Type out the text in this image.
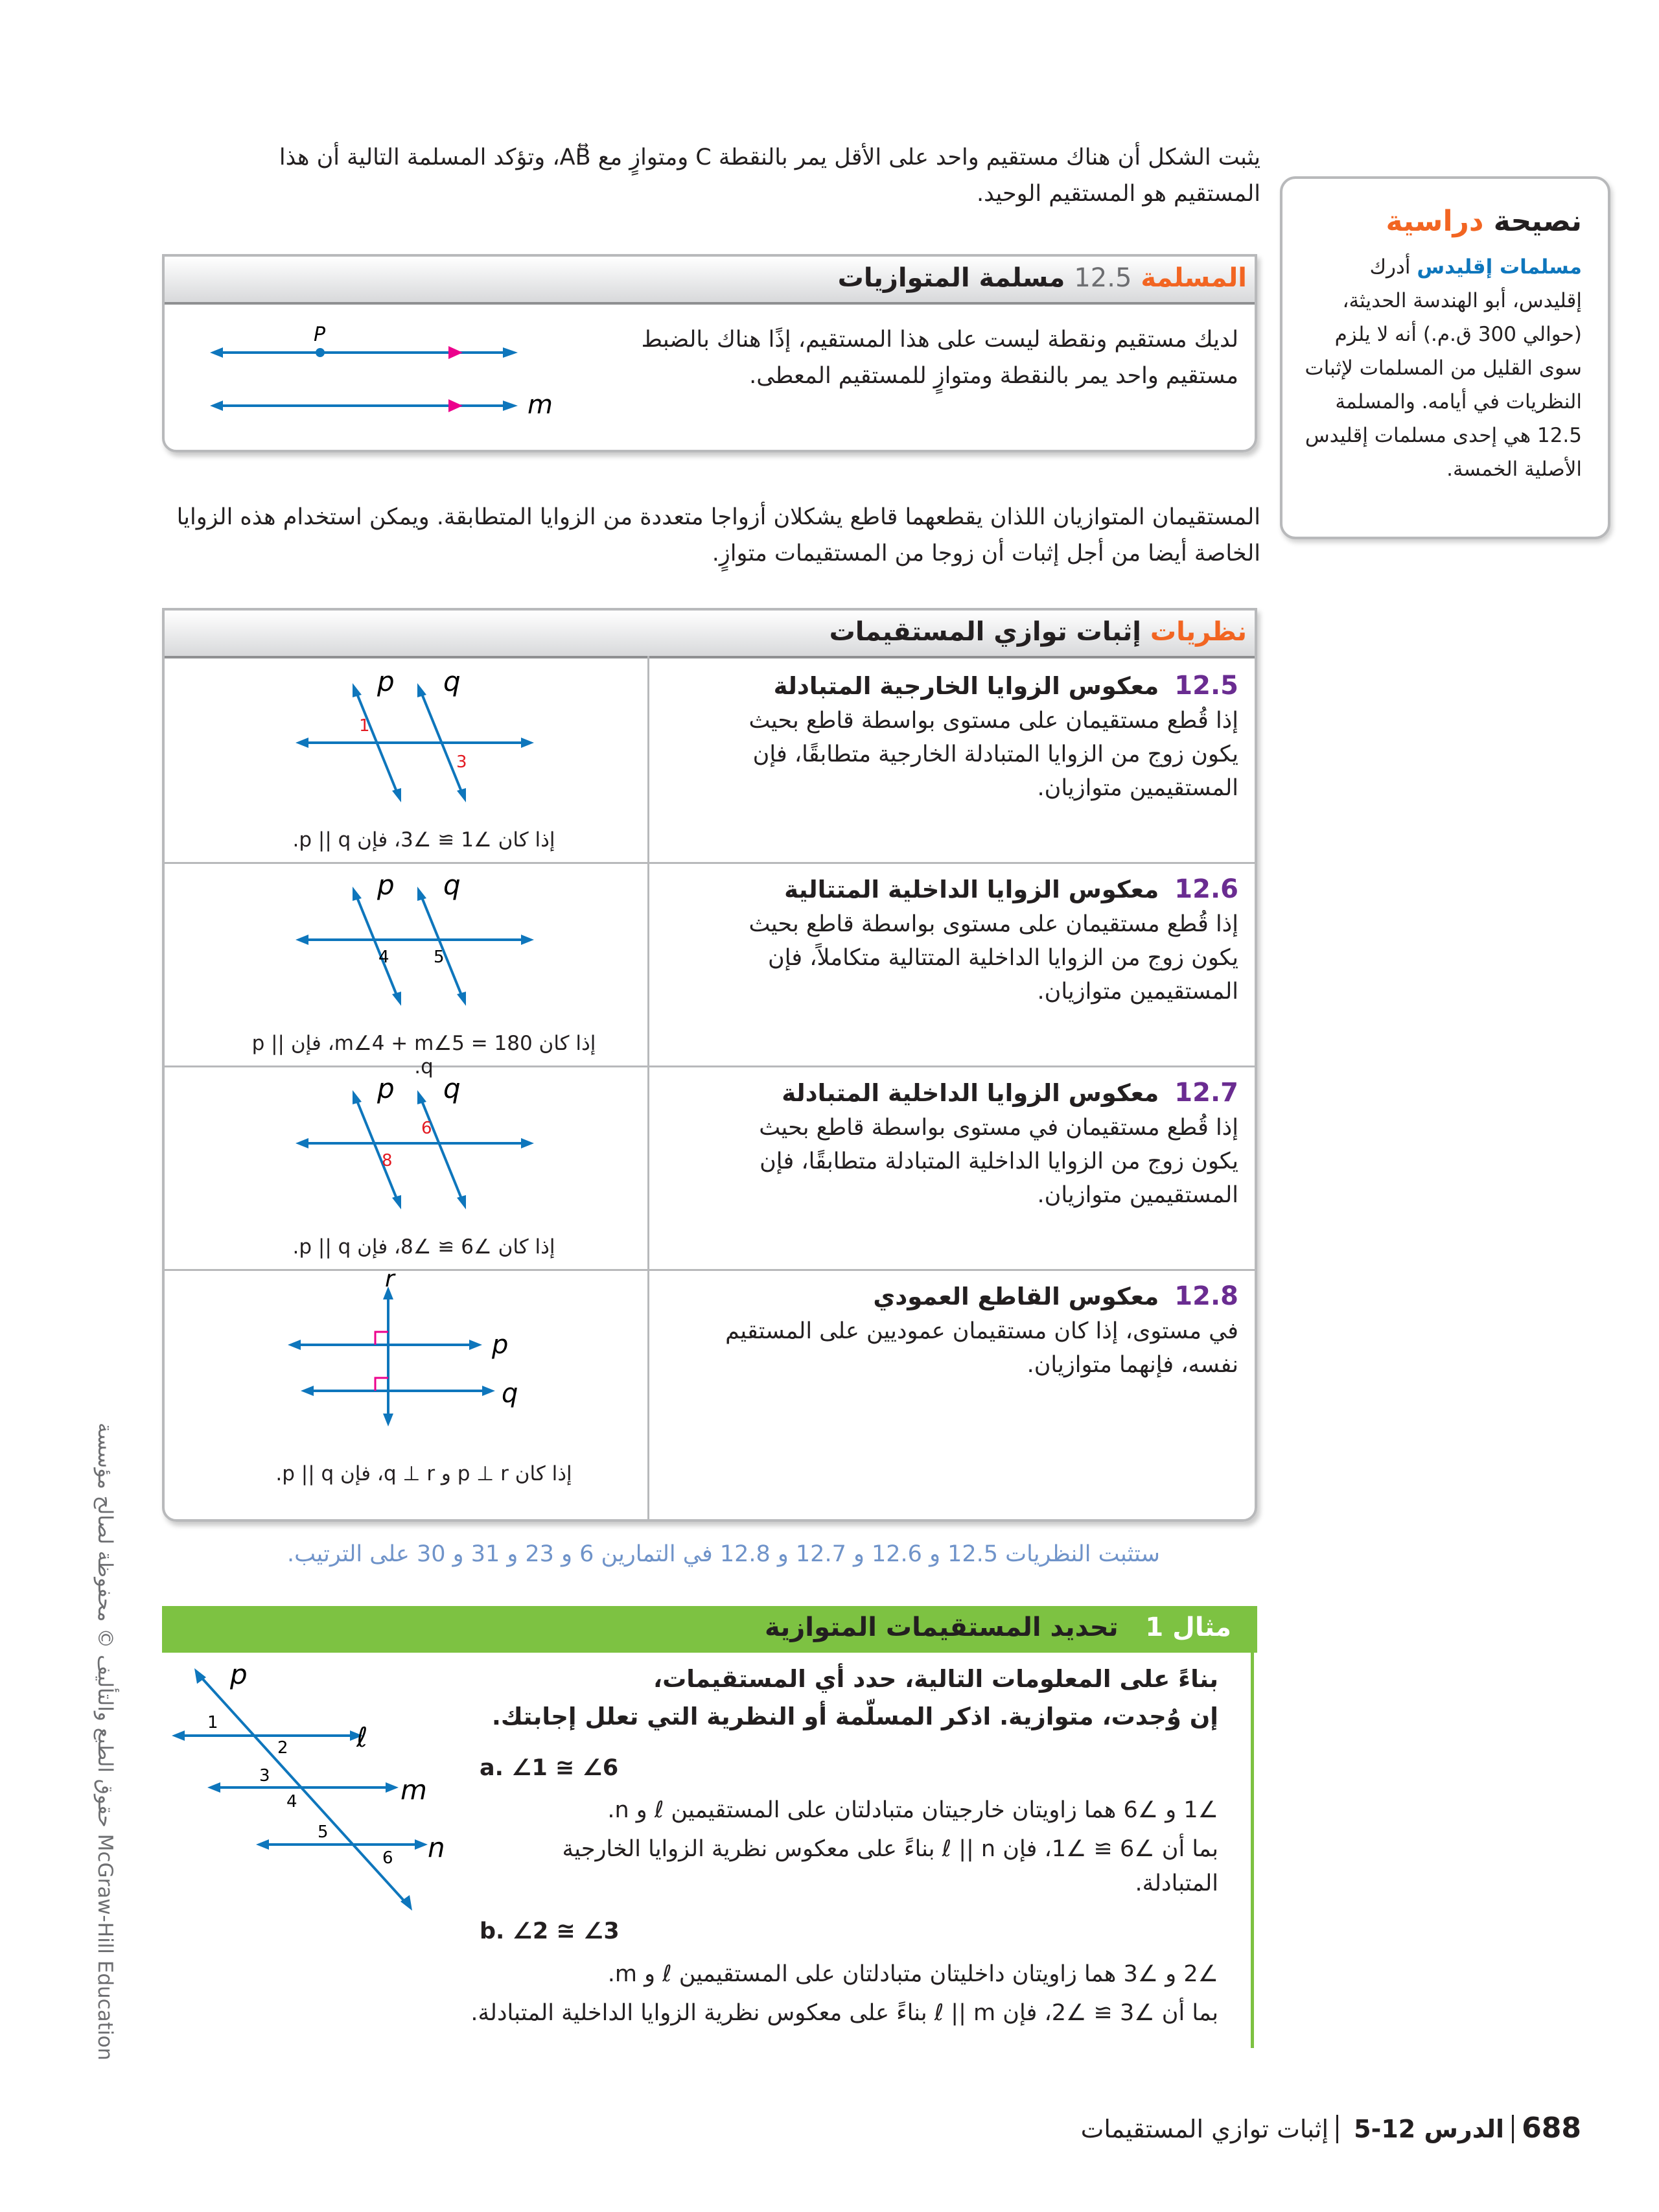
يثبت الشكل أن هناك مستقيم واحد على الأقل يمر بالنقطة C ومتوازٍ مع AB⃡، وتؤكد المسلمة التالية أن هذا
المستقيم هو المستقيم الوحيد.
المسلمة 12.5 مسلمة المتوازيات
لديك مستقيم ونقطة ليست على هذا المستقيم، إذًا هناك بالضبط مستقيم واحد يمر بالنقطة ومتوازٍ للمستقيم المعطى.
P
m
نصيحة دراسية
مسلمات إقليدس أدرك إقليدس، أبو الهندسة الحديثة، (حوالي 300 ق.م.) أنه لا يلزم سوى القليل من المسلمات لإثبات النظريات في أيامه. والمسلمة 12.5 هي إحدى مسلمات إقليدس الأصلية الخمسة.
المستقيمان المتوازيان اللذان يقطعهما قاطع يشكلان أزواجا متعددة من الزوايا المتطابقة. ويمكن استخدام هذه الزوايا الخاصة أيضا من أجل إثبات أن زوجا من المستقيمات متوازٍ.
نظريات إثبات توازي المستقيمات
12.5معكوس الزوايا الخارجية المتبادلة
إذا قُطع مستقيمان على مستوى بواسطة قاطع بحيث يكون زوج من الزوايا المتبادلة الخارجية متطابقًا، فإن المستقيمين متوازيان.
p q
1
3
إذا كان ∠1 ≅ ∠3، فإن p || q.
12.6معكوس الزوايا الداخلية المتتالية
إذا قُطع مستقيمان على مستوى بواسطة قاطع بحيث يكون زوج من الزوايا الداخلية المتتالية متكاملاً، فإن المستقيمين متوازيان.
p q
4	5
إذا كان m∠4 + m∠5 = 180، فإن p || q.
12.7معكوس الزوايا الداخلية المتبادلة
إذا قُطع مستقيمان في مستوى بواسطة قاطع بحيث يكون زوج من الزوايا الداخلية المتبادلة متطابقًا، فإن المستقيمين متوازيان.
p q
6
8
إذا كان ∠6 ≅ ∠8، فإن p || q.
12.8معكوس القاطع العمودي
في مستوى، إذا كان مستقيمان عموديين على المستقيم نفسه، فإنهما متوازيان.
r
p
q
إذا كان p ⊥ r و q ⊥ r، فإن p || q.
ستثبت النظريات 12.5 و 12.6 و 12.7 و 12.8 في التمارين 6 و 23 و 31 و 30 على الترتيب.
مثال 1   تحديد المستقيمات المتوازية
بناءً على المعلومات التالية، حدد أي المستقيمات،
إن وُجدت، متوازية. اذكر المسلّمة أو النظرية التي تعلل إجابتك.
a. ∠1 ≅ ∠6
∠1 و ∠6 هما زاويتان خارجيتان متبادلتان على المستقيمين ℓ و n.
بما أن ∠6 ≅ ∠1، فإن ℓ || n بناءً على معكوس نظرية الزوايا الخارجية
المتبادلة.
b. ∠2 ≅ ∠3
∠2 و ∠3 هما زاويتان داخليتان متبادلتان على المستقيمين ℓ و m.
بما أن ∠3 ≅ ∠2، فإن ℓ || m بناءً على معكوس نظرية الزوايا الداخلية المتبادلة.
p
ℓ
m
n
1
2
3
4
5
6
حقوق الطبع والتأليف © محفوظة لصالح مؤسسة McGraw-Hill Education
688 الدرس 12-5 إثبات توازي المستقيمات
